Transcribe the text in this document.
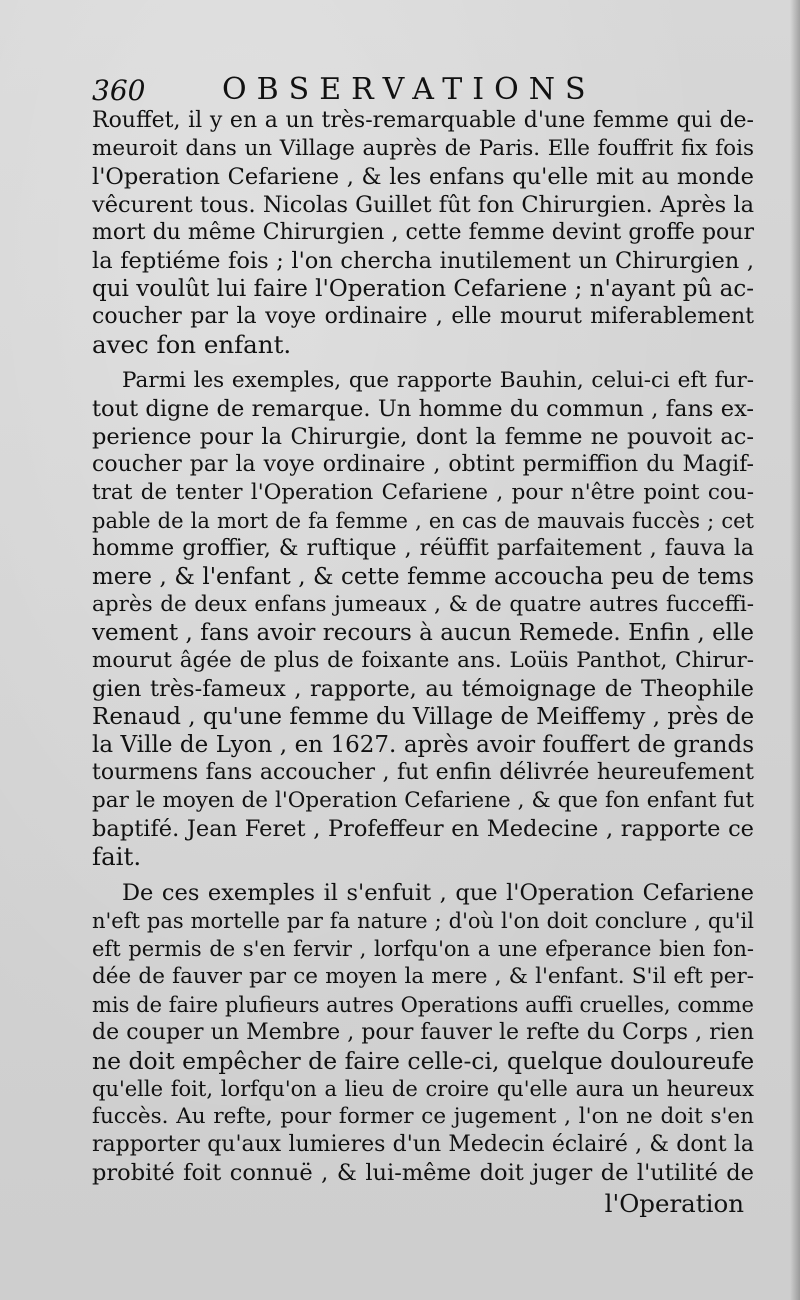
360	OBSERVATIONS
Rouffet, il y en a un très-remarquable d'une femme qui de-
meuroit dans un Village auprès de Paris. Elle fouffrit fix fois
l'Operation Cefariene , & les enfans qu'elle mit au monde
vêcurent tous. Nicolas Guillet fût fon Chirurgien. Après la
mort du même Chirurgien , cette femme devint groffe pour
la feptiéme fois ; l'on chercha inutilement un Chirurgien ,
qui voulût lui faire l'Operation Cefariene ; n'ayant pû ac-
coucher par la voye ordinaire , elle mourut miferablement
avec fon enfant.
Parmi les exemples, que rapporte Bauhin, celui-ci eft fur-
tout digne de remarque. Un homme du commun , fans ex-
perience pour la Chirurgie, dont la femme ne pouvoit ac-
coucher par la voye ordinaire , obtint permiffion du Magif-
trat de tenter l'Operation Cefariene , pour n'être point cou-
pable de la mort de fa femme , en cas de mauvais fuccès ; cet
homme groffier, & ruftique , réüffit parfaitement , fauva la
mere , & l'enfant , & cette femme accoucha peu de tems
après de deux enfans jumeaux , & de quatre autres fucceffi-
vement , fans avoir recours à aucun Remede. Enfin , elle
mourut âgée de plus de foixante ans. Loüis Panthot, Chirur-
gien très-fameux , rapporte, au témoignage de Theophile
Renaud , qu'une femme du Village de Meiffemy , près de
la Ville de Lyon , en 1627. après avoir fouffert de grands
tourmens fans accoucher , fut enfin délivrée heureufement
par le moyen de l'Operation Cefariene , & que fon enfant fut
baptifé. Jean Feret , Profeffeur en Medecine , rapporte ce
fait.
De ces exemples il s'enfuit , que l'Operation Cefariene
n'eft pas mortelle par fa nature ; d'où l'on doit conclure , qu'il
eft permis de s'en fervir , lorfqu'on a une efperance bien fon-
dée de fauver par ce moyen la mere , & l'enfant. S'il eft per-
mis de faire plufieurs autres Operations auffi cruelles, comme
de couper un Membre , pour fauver le refte du Corps , rien
ne doit empêcher de faire celle-ci, quelque douloureufe
qu'elle foit, lorfqu'on a lieu de croire qu'elle aura un heureux
fuccès. Au refte, pour former ce jugement , l'on ne doit s'en
rapporter qu'aux lumieres d'un Medecin éclairé , & dont la
probité foit connuë , & lui-même doit juger de l'utilité de
l'Operation
